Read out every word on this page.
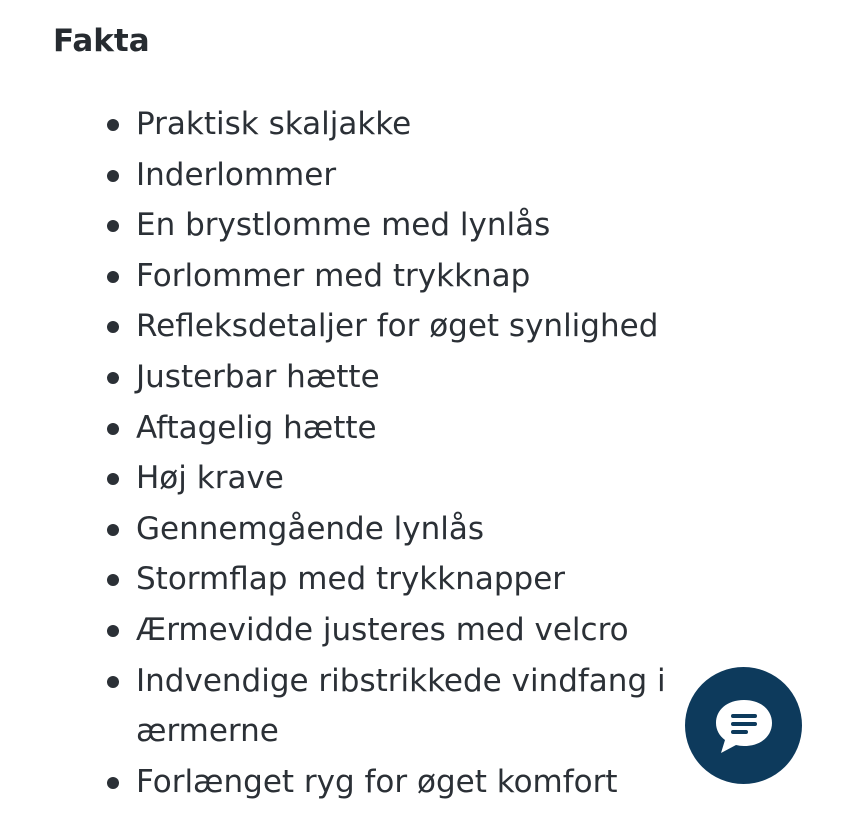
Fakta
Praktisk skaljakke
Inderlommer
En brystlomme med lynlås
Forlommer med trykknap
Refleksdetaljer for øget synlighed
Justerbar hætte
Aftagelig hætte
Høj krave
Gennemgående lynlås
Stormflap med trykknapper
Ærmevidde justeres med velcro
Indvendige ribstrikkede vindfang i ærmerne
Forlænget ryg for øget komfort
